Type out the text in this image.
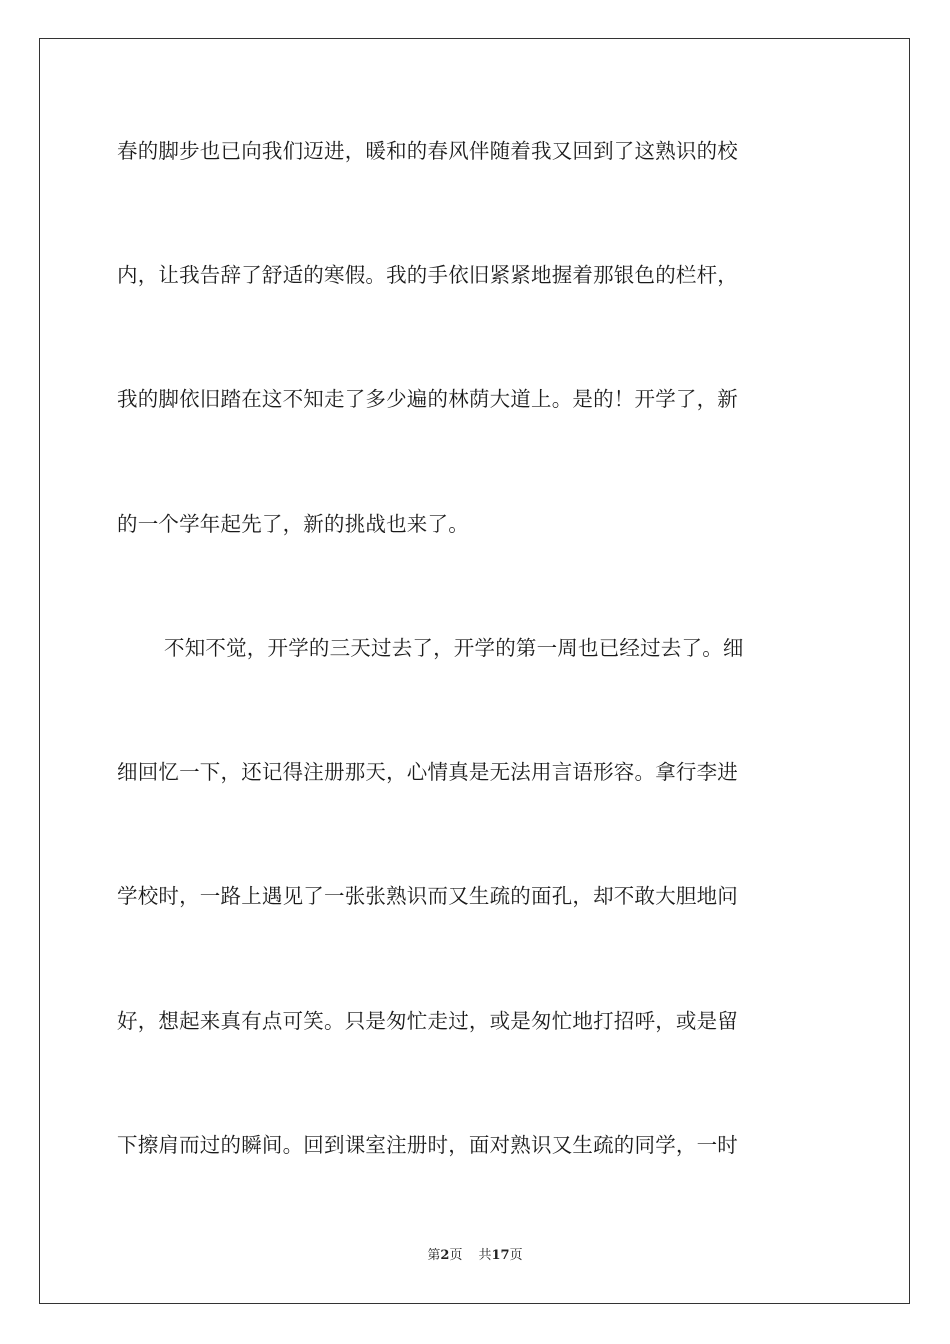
春的脚步也已向我们迈进，暖和的春风伴随着我又回到了这熟识的校
内，让我告辞了舒适的寒假。我的手依旧紧紧地握着那银色的栏杆，
我的脚依旧踏在这不知走了多少遍的林荫大道上。是的！开学了，新
的一个学年起先了，新的挑战也来了。
不知不觉，开学的三天过去了，开学的第一周也已经过去了。细
细回忆一下，还记得注册那天，心情真是无法用言语形容。拿行李进
学校时，一路上遇见了一张张熟识而又生疏的面孔，却不敢大胆地问
好，想起来真有点可笑。只是匆忙走过，或是匆忙地打招呼，或是留
下擦肩而过的瞬间。回到课室注册时，面对熟识又生疏的同学，一时
第2页 共17页
